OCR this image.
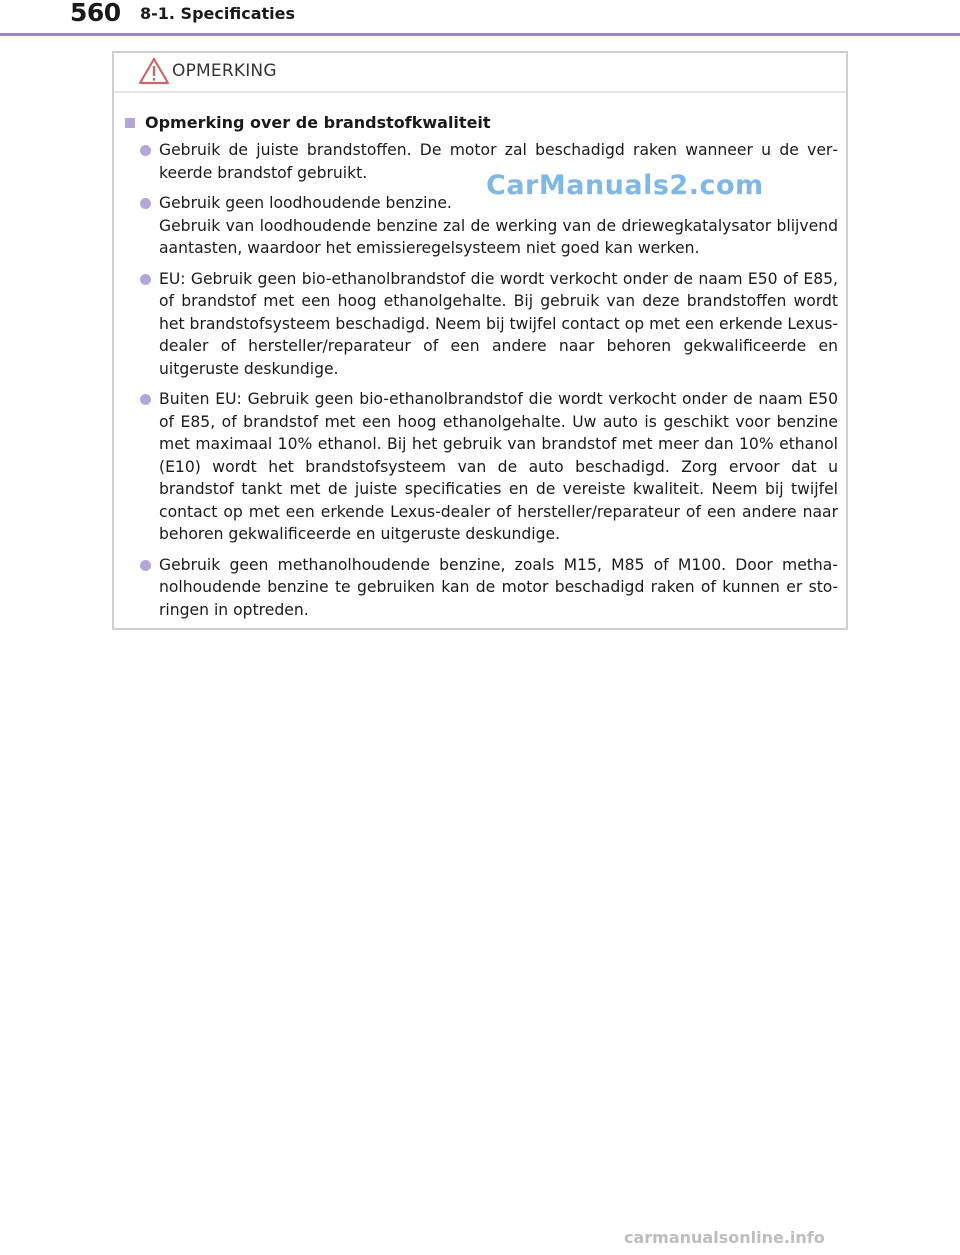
560 8-1. Specificaties
OPMERKING
Opmerking over de brandstofkwaliteit
Gebruik de juiste brandstoffen. De motor zal beschadigd raken wanneer u de verkeerde brandstof gebruikt.
Gebruik geen loodhoudende benzine.
Gebruik van loodhoudende benzine zal de werking van de driewegkatalysator blijvend aantasten, waardoor het emissieregelsysteem niet goed kan werken.
EU: Gebruik geen bio-ethanolbrandstof die wordt verkocht onder de naam E50 of E85, of brandstof met een hoog ethanolgehalte. Bij gebruik van deze brandstoffen wordt het brandstofsysteem beschadigd. Neem bij twijfel contact op met een erkende Lexus-dealer of hersteller/reparateur of een andere naar behoren gekwalificeerde en uitgeruste deskundige.
Buiten EU: Gebruik geen bio-ethanolbrandstof die wordt verkocht onder de naam E50 of E85, of brandstof met een hoog ethanolgehalte. Uw auto is geschikt voor benzine met maximaal 10% ethanol. Bij het gebruik van brandstof met meer dan 10% ethanol (E10) wordt het brandstofsysteem van de auto beschadigd. Zorg ervoor dat u brandstof tankt met de juiste specificaties en de vereiste kwaliteit. Neem bij twijfel contact op met een erkende Lexus-dealer of hersteller/reparateur of een andere naar behoren gekwalificeerde en uitgeruste deskundige.
Gebruik geen methanolhoudende benzine, zoals M15, M85 of M100. Door methanolhoudende benzine te gebruiken kan de motor beschadigd raken of kunnen er storingen in optreden.
CarManuals2.com
carmanualsonline.info
